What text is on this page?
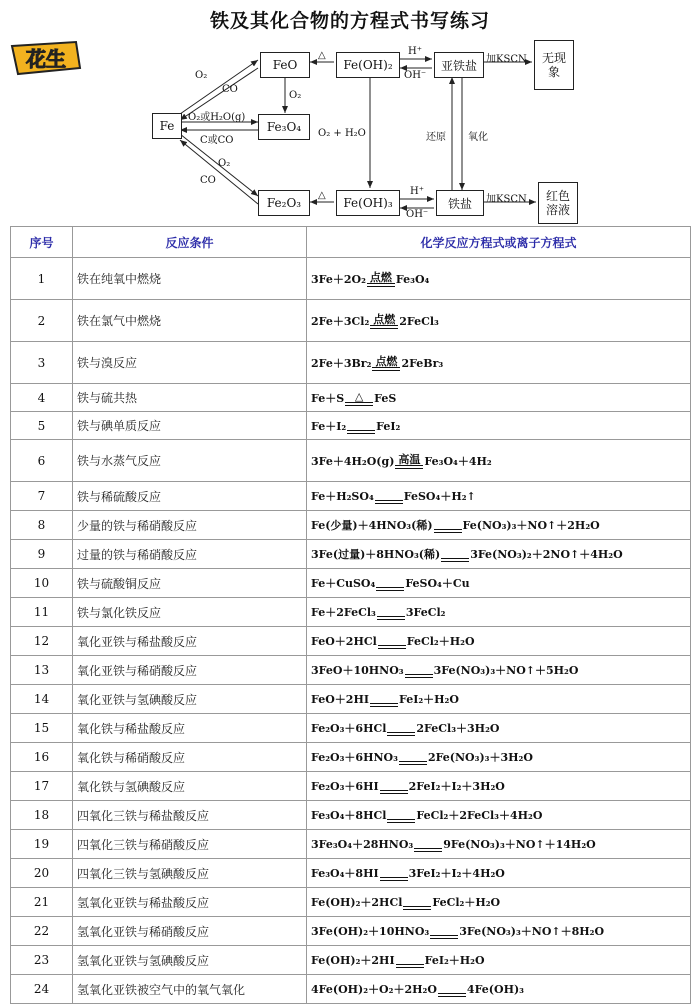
铁及其化合物的方程式书写练习
花生
Fe
FeO
Fe₃O₄
Fe₂O₃
Fe(OH)₂
Fe(OH)₃
亚铁盐
铁盐
无现象
红色溶液
O₂
CO
O₂或H₂O(g)
C或CO
O₂
O₂ + H₂O
O₂
CO
△
△
H⁺
OH⁻
H⁺
OH⁻
加KSCN
加KSCN
还原 氧化
序号	反应条件	化学反应方程式或离子方程式
1	铁在纯氧中燃烧	3Fe＋2O₂ 点燃 Fe₃O₄
2	铁在氯气中燃烧	2Fe＋3Cl₂ 点燃 2FeCl₃
3	铁与溴反应	2Fe＋3Br₂ 点燃 2FeBr₃
4	铁与硫共热	Fe＋S △ FeS
5	铁与碘单质反应	Fe＋I₂ FeI₂
6	铁与水蒸气反应	3Fe＋4H₂O(g) 高温 Fe₃O₄＋4H₂
7	铁与稀硫酸反应	Fe＋H₂SO₄ FeSO₄＋H₂↑
8	少量的铁与稀硝酸反应	Fe(少量)＋4HNO₃(稀) Fe(NO₃)₃＋NO↑＋2H₂O
9	过量的铁与稀硝酸反应	3Fe(过量)＋8HNO₃(稀) 3Fe(NO₃)₂＋2NO↑＋4H₂O
10	铁与硫酸铜反应	Fe＋CuSO₄ FeSO₄＋Cu
11	铁与氯化铁反应	Fe＋2FeCl₃ 3FeCl₂
12	氧化亚铁与稀盐酸反应	FeO＋2HCl FeCl₂＋H₂O
13	氧化亚铁与稀硝酸反应	3FeO＋10HNO₃ 3Fe(NO₃)₃＋NO↑＋5H₂O
14	氧化亚铁与氢碘酸反应	FeO＋2HI FeI₂＋H₂O
15	氧化铁与稀盐酸反应	Fe₂O₃＋6HCl 2FeCl₃＋3H₂O
16	氧化铁与稀硝酸反应	Fe₂O₃＋6HNO₃ 2Fe(NO₃)₃＋3H₂O
17	氧化铁与氢碘酸反应	Fe₂O₃＋6HI 2FeI₂＋I₂＋3H₂O
18	四氧化三铁与稀盐酸反应	Fe₃O₄＋8HCl FeCl₂＋2FeCl₃＋4H₂O
19	四氧化三铁与稀硝酸反应	3Fe₃O₄＋28HNO₃ 9Fe(NO₃)₃＋NO↑＋14H₂O
20	四氧化三铁与氢碘酸反应	Fe₃O₄＋8HI 3FeI₂＋I₂＋4H₂O
21	氢氧化亚铁与稀盐酸反应	Fe(OH)₂＋2HCl FeCl₂＋H₂O
22	氢氧化亚铁与稀硝酸反应	3Fe(OH)₂＋10HNO₃ 3Fe(NO₃)₃＋NO↑＋8H₂O
23	氢氧化亚铁与氢碘酸反应	Fe(OH)₂＋2HI FeI₂＋H₂O
24	氢氧化亚铁被空气中的氧气氧化	4Fe(OH)₂＋O₂＋2H₂O 4Fe(OH)₃
